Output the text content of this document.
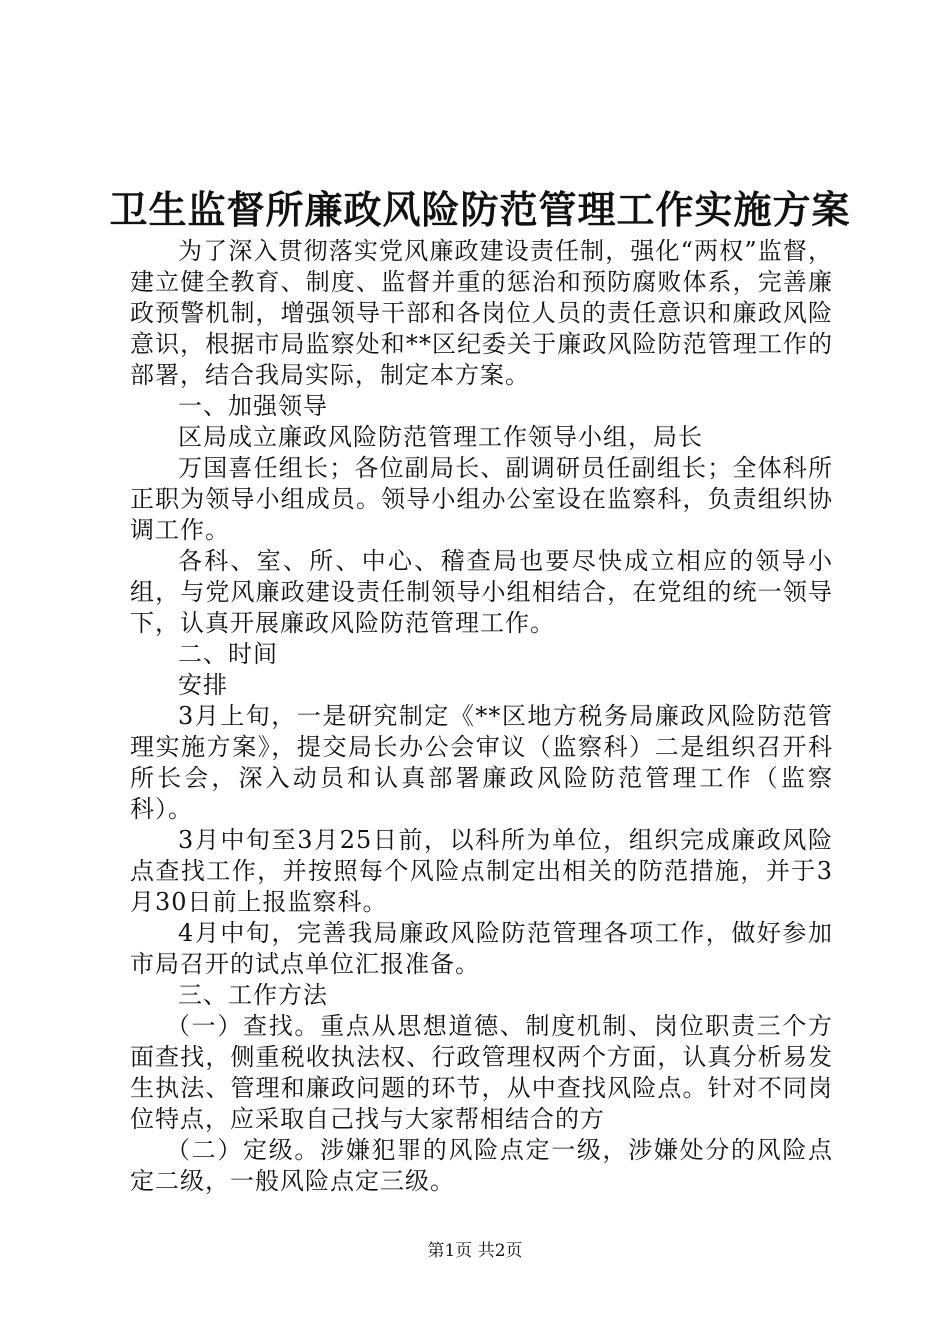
卫生监督所廉政风险防范管理工作实施方案

为了深入贯彻落实党风廉政建设责任制，强化“两权”监督，建立健全教育、制度、监督并重的惩治和预防腐败体系，完善廉政预警机制，增强领导干部和各岗位人员的责任意识和廉政风险意识，根据市局监察处和**区纪委关于廉政风险防范管理工作的部署，结合我局实际，制定本方案。

一、加强领导

区局成立廉政风险防范管理工作领导小组，局长

万国喜任组长；各位副局长、副调研员任副组长；全体科所正职为领导小组成员。领导小组办公室设在监察科，负责组织协调工作。

各科、室、所、中心、稽查局也要尽快成立相应的领导小组，与党风廉政建设责任制领导小组相结合，在党组的统一领导下，认真开展廉政风险防范管理工作。

二、时间

安排

3月上旬，一是研究制定《**区地方税务局廉政风险防范管理实施方案》，提交局长办公会审议（监察科）二是组织召开科所长会，深入动员和认真部署廉政风险防范管理工作（监察科）。

3月中旬至3月25日前，以科所为单位，组织完成廉政风险点查找工作，并按照每个风险点制定出相关的防范措施，并于3月30日前上报监察科。

4月中旬，完善我局廉政风险防范管理各项工作，做好参加市局召开的试点单位汇报准备。

三、工作方法

（一）查找。重点从思想道德、制度机制、岗位职责三个方面查找，侧重税收执法权、行政管理权两个方面，认真分析易发生执法、管理和廉政问题的环节，从中查找风险点。针对不同岗位特点，应采取自己找与大家帮相结合的方

（二）定级。涉嫌犯罪的风险点定一级，涉嫌处分的风险点定二级，一般风险点定三级。

第1页 共2页
